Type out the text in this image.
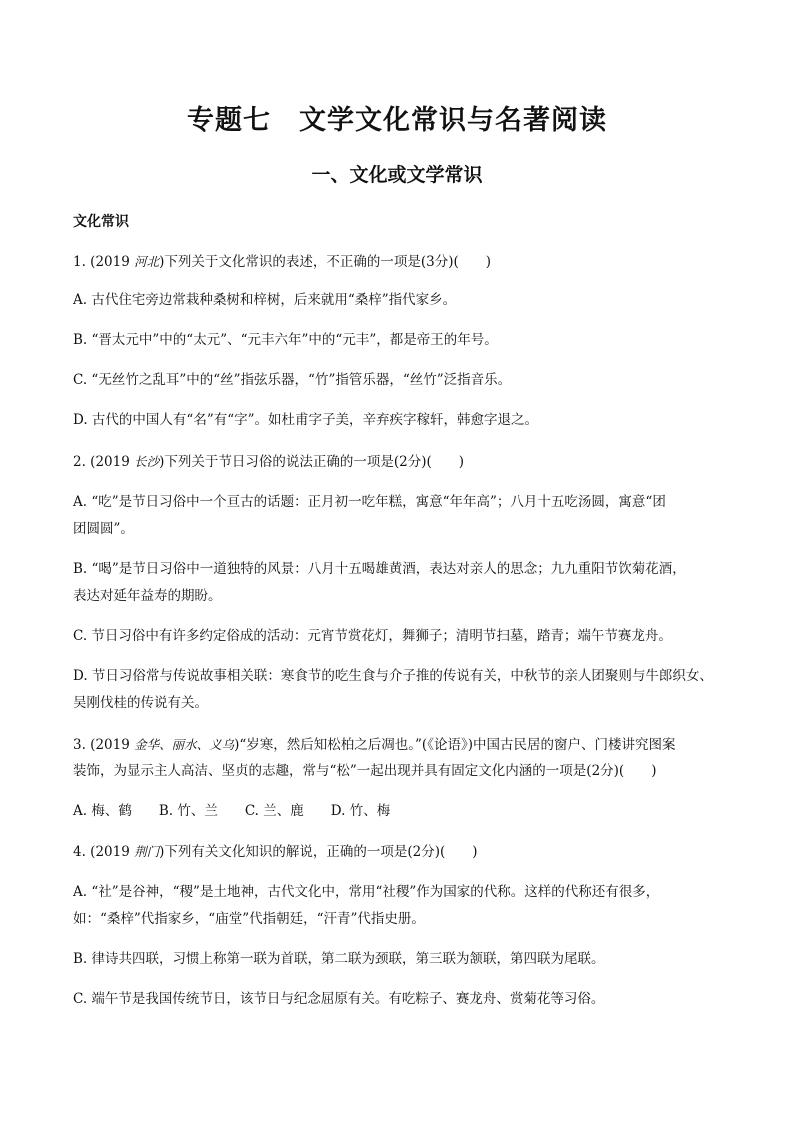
专题七　文学文化常识与名著阅读
一、文化或文学常识
文化常识
1. (2019 河北)下列关于文化常识的表述，不正确的一项是(3分)(　　)
A. 古代住宅旁边常栽种桑树和梓树，后来就用“桑梓”指代家乡。
B. “晋太元中”中的“太元”、“元丰六年”中的“元丰”，都是帝王的年号。
C. “无丝竹之乱耳”中的“丝”指弦乐器，“竹”指管乐器，“丝竹”泛指音乐。
D. 古代的中国人有“名”有“字”。如杜甫字子美，辛弃疾字稼轩，韩愈字退之。
2. (2019 长沙)下列关于节日习俗的说法正确的一项是(2分)(　　)
A. “吃”是节日习俗中一个亘古的话题：正月初一吃年糕，寓意“年年高”；八月十五吃汤圆，寓意“团
团圆圆”。
B. “喝”是节日习俗中一道独特的风景：八月十五喝雄黄酒，表达对亲人的思念；九九重阳节饮菊花酒，
表达对延年益寿的期盼。
C. 节日习俗中有许多约定俗成的活动：元宵节赏花灯，舞狮子；清明节扫墓，踏青；端午节赛龙舟。
D. 节日习俗常与传说故事相关联：寒食节的吃生食与介子推的传说有关，中秋节的亲人团聚则与牛郎织女、
吴刚伐桂的传说有关。
3. (2019 金华、丽水、义乌)“岁寒，然后知松柏之后凋也。”(《论语》)中国古民居的窗户、门楼讲究图案
装饰，为显示主人高洁、坚贞的志趣，常与“松”一起出现并具有固定文化内涵的一项是(2分)(　　)
A. 梅、鹤　　B. 竹、兰　　C. 兰、鹿　　D. 竹、梅
4. (2019 荆门)下列有关文化知识的解说，正确的一项是(2分)(　　)
A. “社”是谷神，“稷”是土地神，古代文化中，常用“社稷”作为国家的代称。这样的代称还有很多，
如：“桑梓”代指家乡，“庙堂”代指朝廷，“汗青”代指史册。
B. 律诗共四联，习惯上称第一联为首联，第二联为颈联，第三联为颔联，第四联为尾联。
C. 端午节是我国传统节日，该节日与纪念屈原有关。有吃粽子、赛龙舟、赏菊花等习俗。
